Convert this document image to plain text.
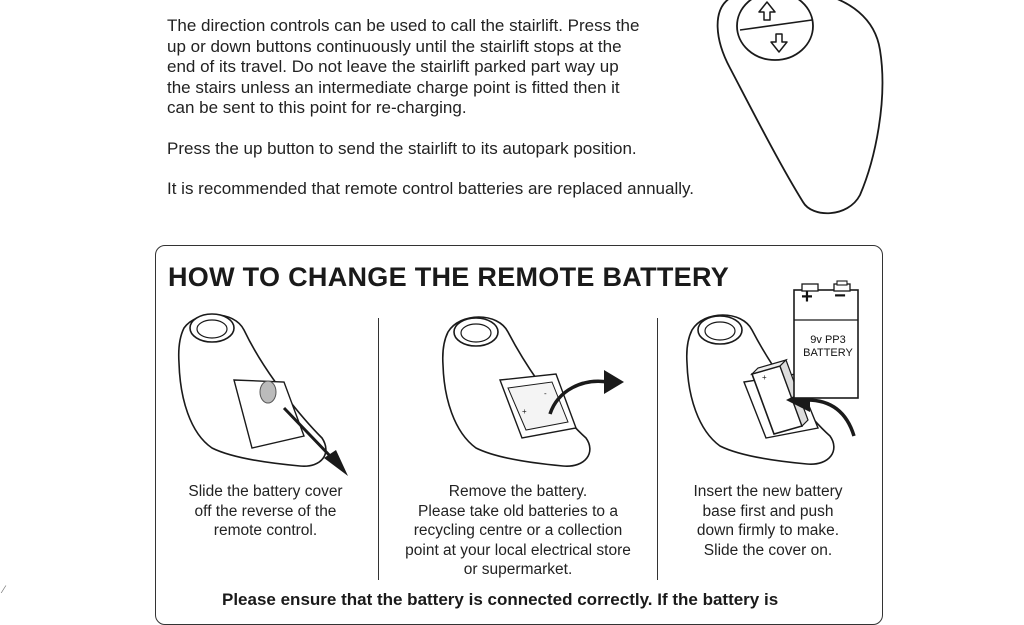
The direction controls can be used to call the stairlift. Press the
up or down buttons continuously until the stairlift stops at the
end of its travel. Do not leave the stairlift parked part way up
the stairs unless an intermediate charge point is fitted then it
can be sent to this point for re-charging.

Press the up button to send the stairlift to its autopark position.

It is recommended that remote control batteries are replaced annually.

HOW TO CHANGE THE REMOTE BATTERY
+
-
+
+ −
9v PP3
BATTERY
Slide the battery cover
off the reverse of the
remote control.
Remove the battery.
Please take old batteries to a
recycling centre or a collection
point at your local electrical store
or supermarket.
Insert the new battery
base first and push
down firmly to make.
Slide the cover on.
Please ensure that the battery is connected correctly. If the battery is
⁄
